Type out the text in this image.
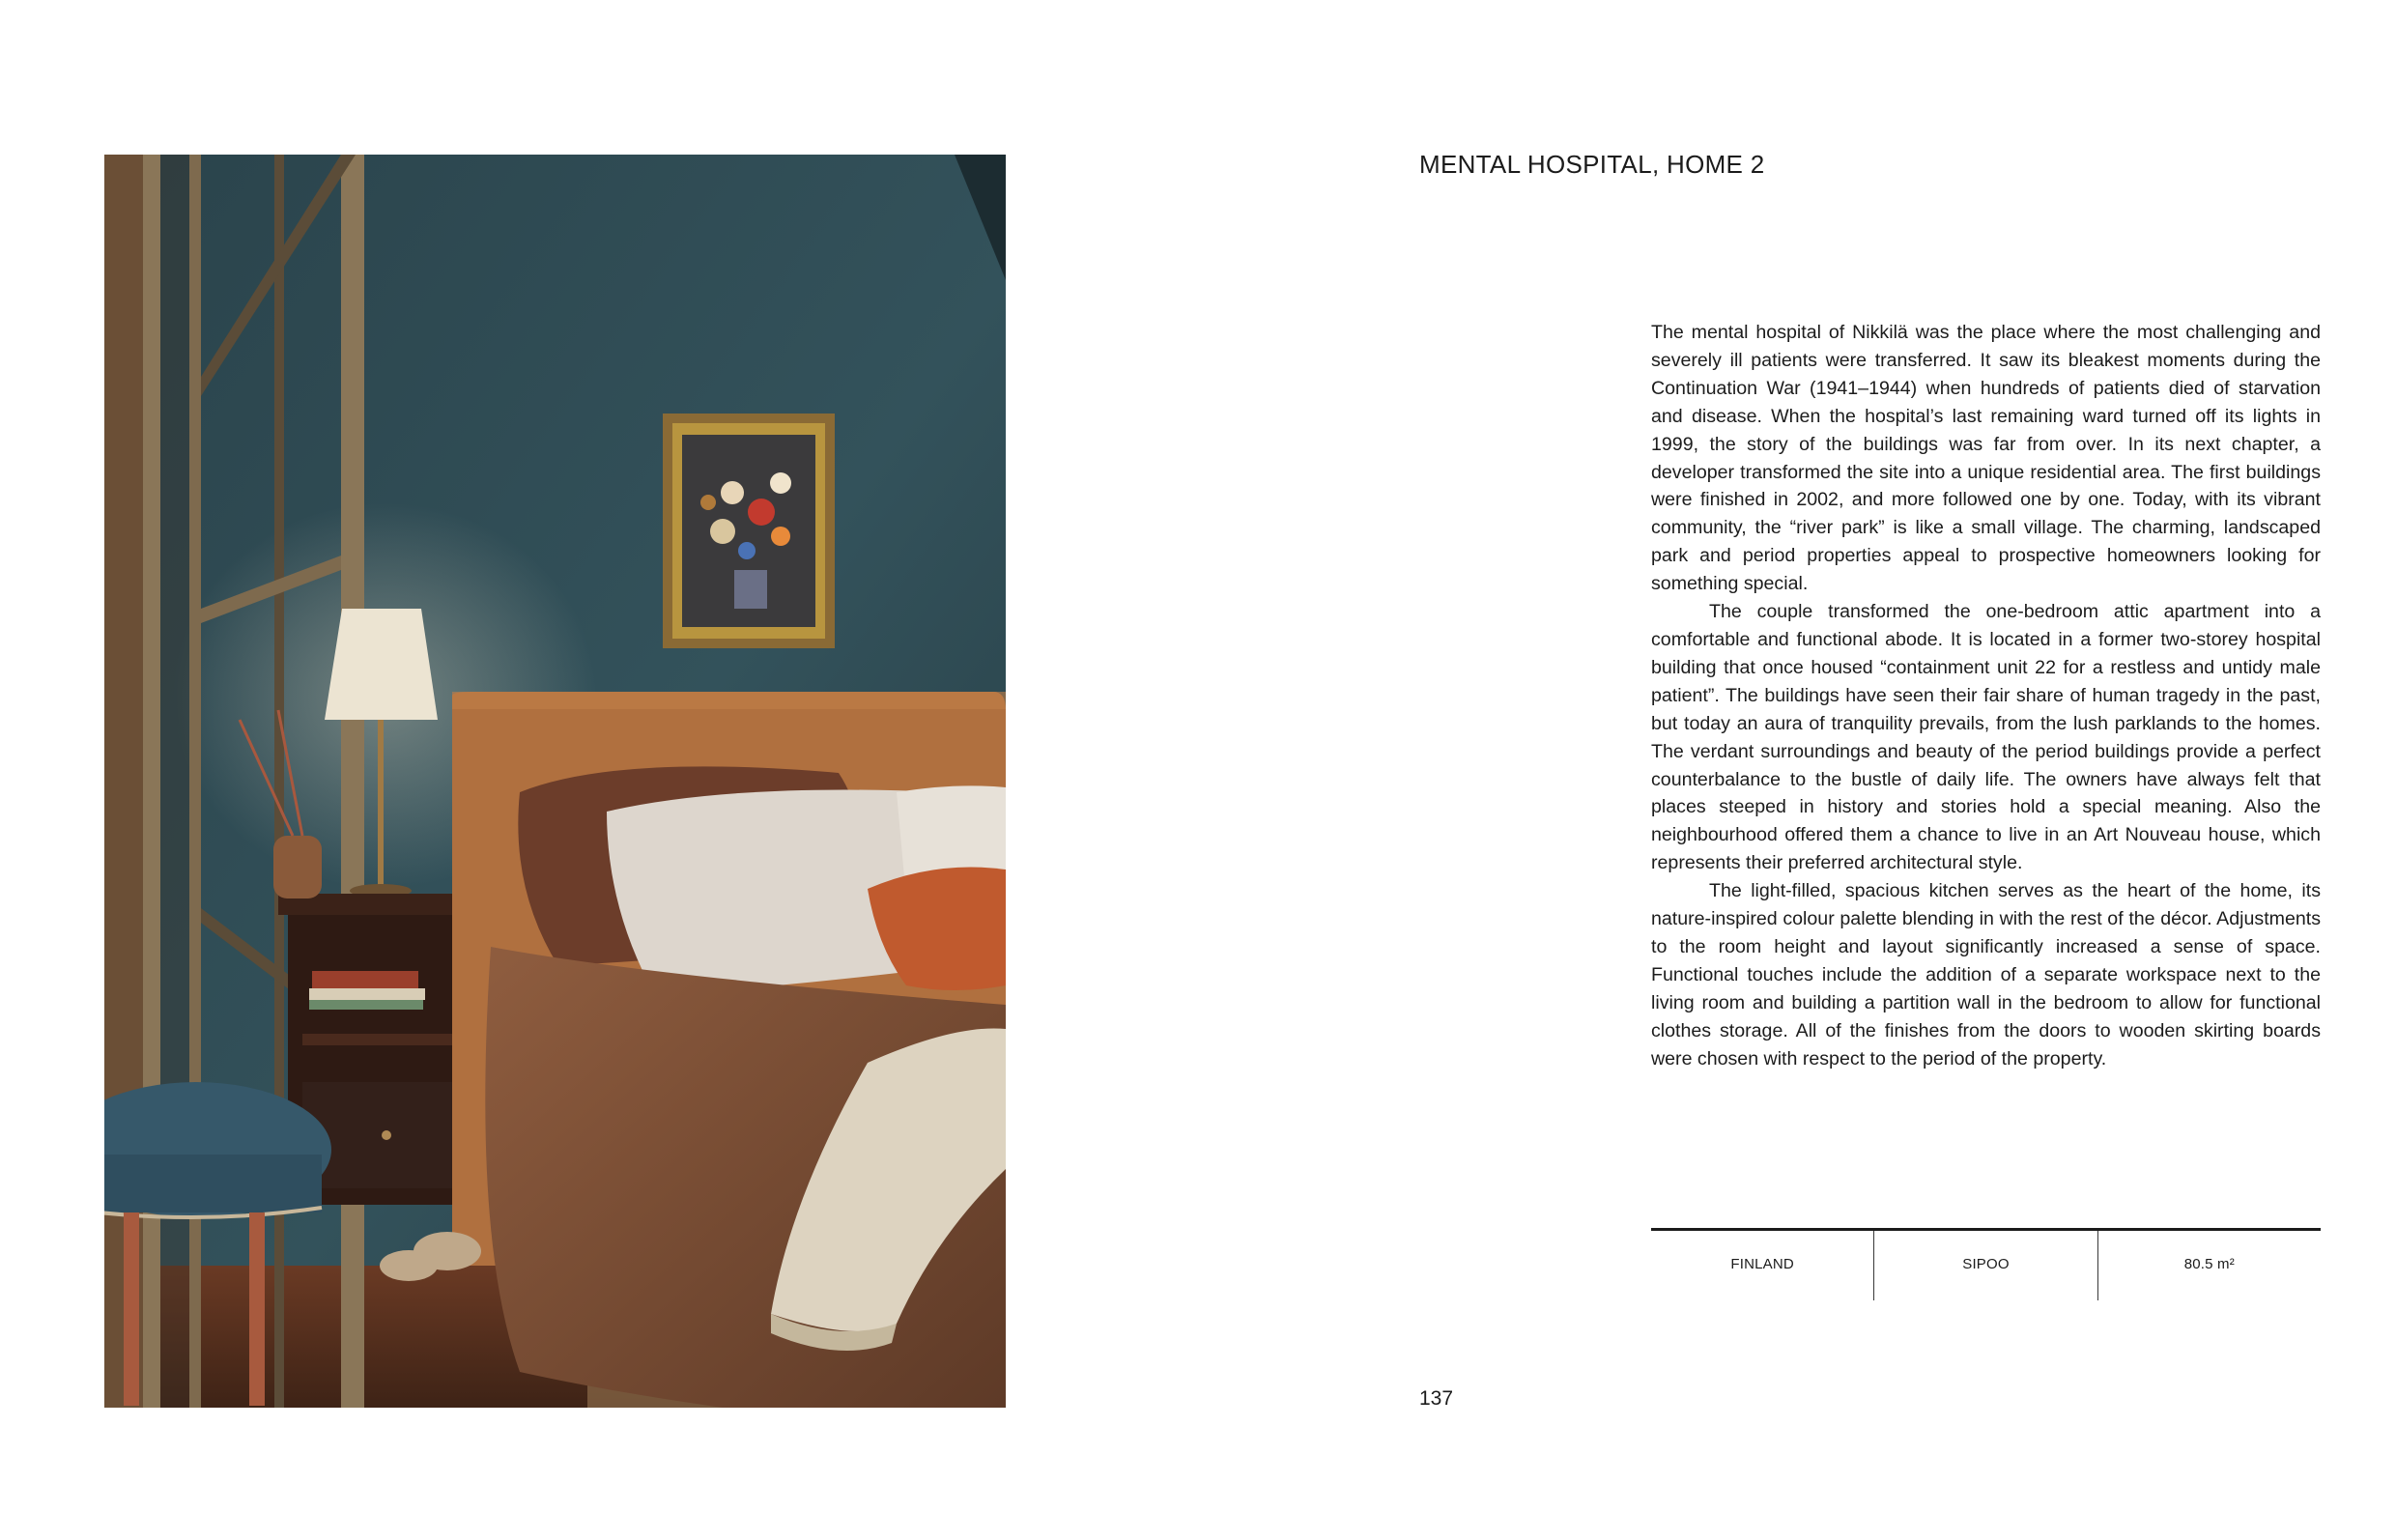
MENTAL HOSPITAL, HOME 2

The mental hospital of Nikkilä was the place where the most challenging and severely ill patients were transferred. It saw its bleakest moments during the Continuation War (1941–1944) when hundreds of patients died of starvation and disease. When the hospital’s last remaining ward turned off its lights in 1999, the story of the buildings was far from over. In its next chapter, a developer transformed the site into a unique residential area. The first buildings were finished in 2002, and more followed one by one. Today, with its vibrant community, the “river park” is like a small village. The charming, landscaped park and period properties appeal to prospective homeowners looking for something special.

The couple transformed the one-bedroom attic apartment into a comfortable and functional abode. It is located in a former two-storey hospital building that once housed “containment unit 22 for a restless and untidy male patient”. The buildings have seen their fair share of human tragedy in the past, but today an aura of tranquility prevails, from the lush parklands to the homes. The verdant surroundings and beauty of the period buildings provide a perfect counterbalance to the bustle of daily life. The owners have always felt that places steeped in history and stories hold a special meaning. Also the neighbourhood offered them a chance to live in an Art Nouveau house, which represents their preferred architectural style.

The light-filled, spacious kitchen serves as the heart of the home, its nature-inspired colour palette blending in with the rest of the décor. Adjustments to the room height and layout significantly increased a sense of space. Functional touches include the addition of a separate workspace next to the living room and building a partition wall in the bedroom to allow for functional clothes storage. All of the finishes from the doors to wooden skirting boards were chosen with respect to the period of the property.

FINLAND	SIPOO	80.5 m²
137
